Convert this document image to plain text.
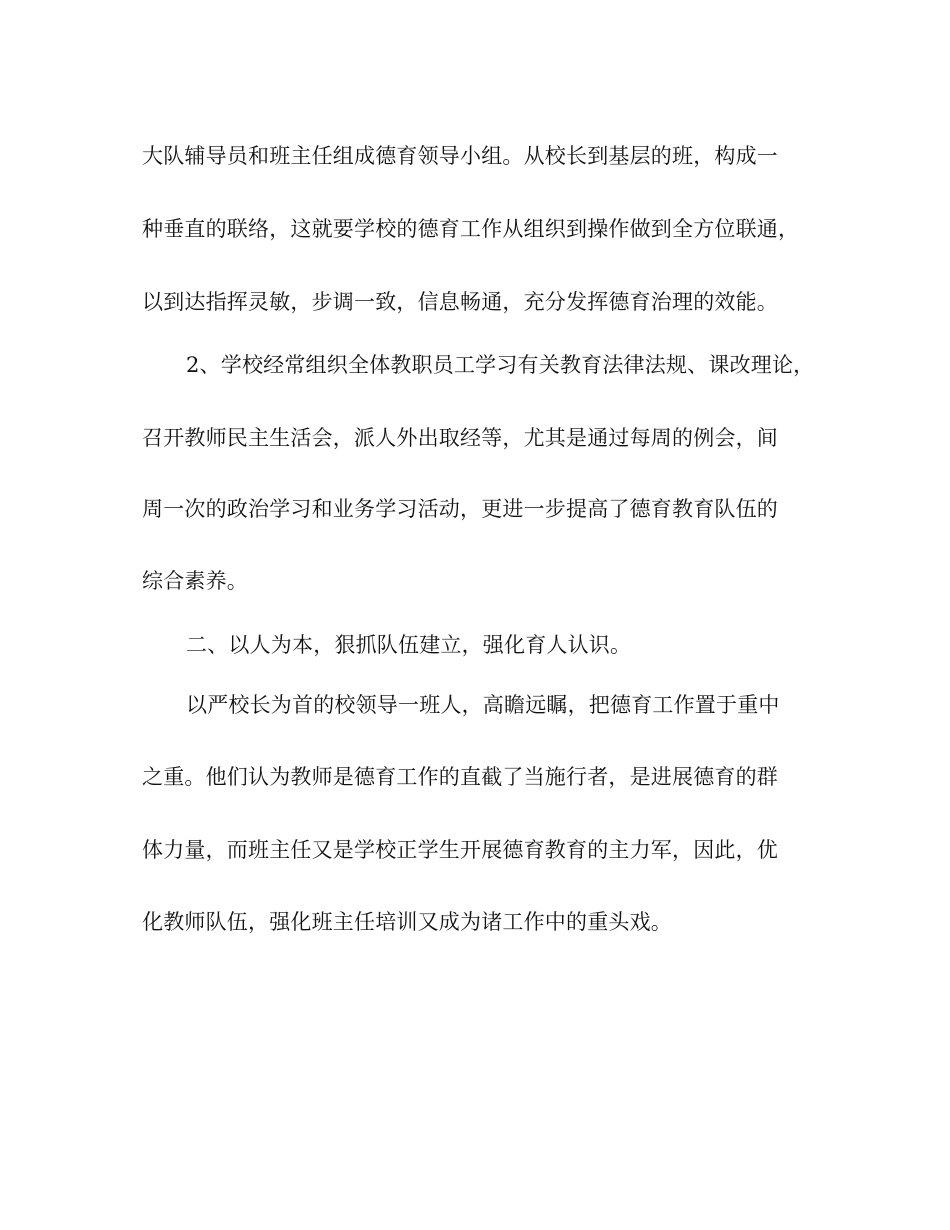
大队辅导员和班主任组成德育领导小组。从校长到基层的班，构成一
种垂直的联络，这就要学校的德育工作从组织到操作做到全方位联通，
以到达指挥灵敏，步调一致，信息畅通，充分发挥德育治理的效能。
2、学校经常组织全体教职员工学习有关教育法律法规、课改理论，
召开教师民主生活会，派人外出取经等，尤其是通过每周的例会，间
周一次的政治学习和业务学习活动，更进一步提高了德育教育队伍的
综合素养。
二、以人为本，狠抓队伍建立，强化育人认识。
以严校长为首的校领导一班人，高瞻远瞩，把德育工作置于重中
之重。他们认为教师是德育工作的直截了当施行者，是进展德育的群
体力量，而班主任又是学校正学生开展德育教育的主力军，因此，优
化教师队伍，强化班主任培训又成为诸工作中的重头戏。
